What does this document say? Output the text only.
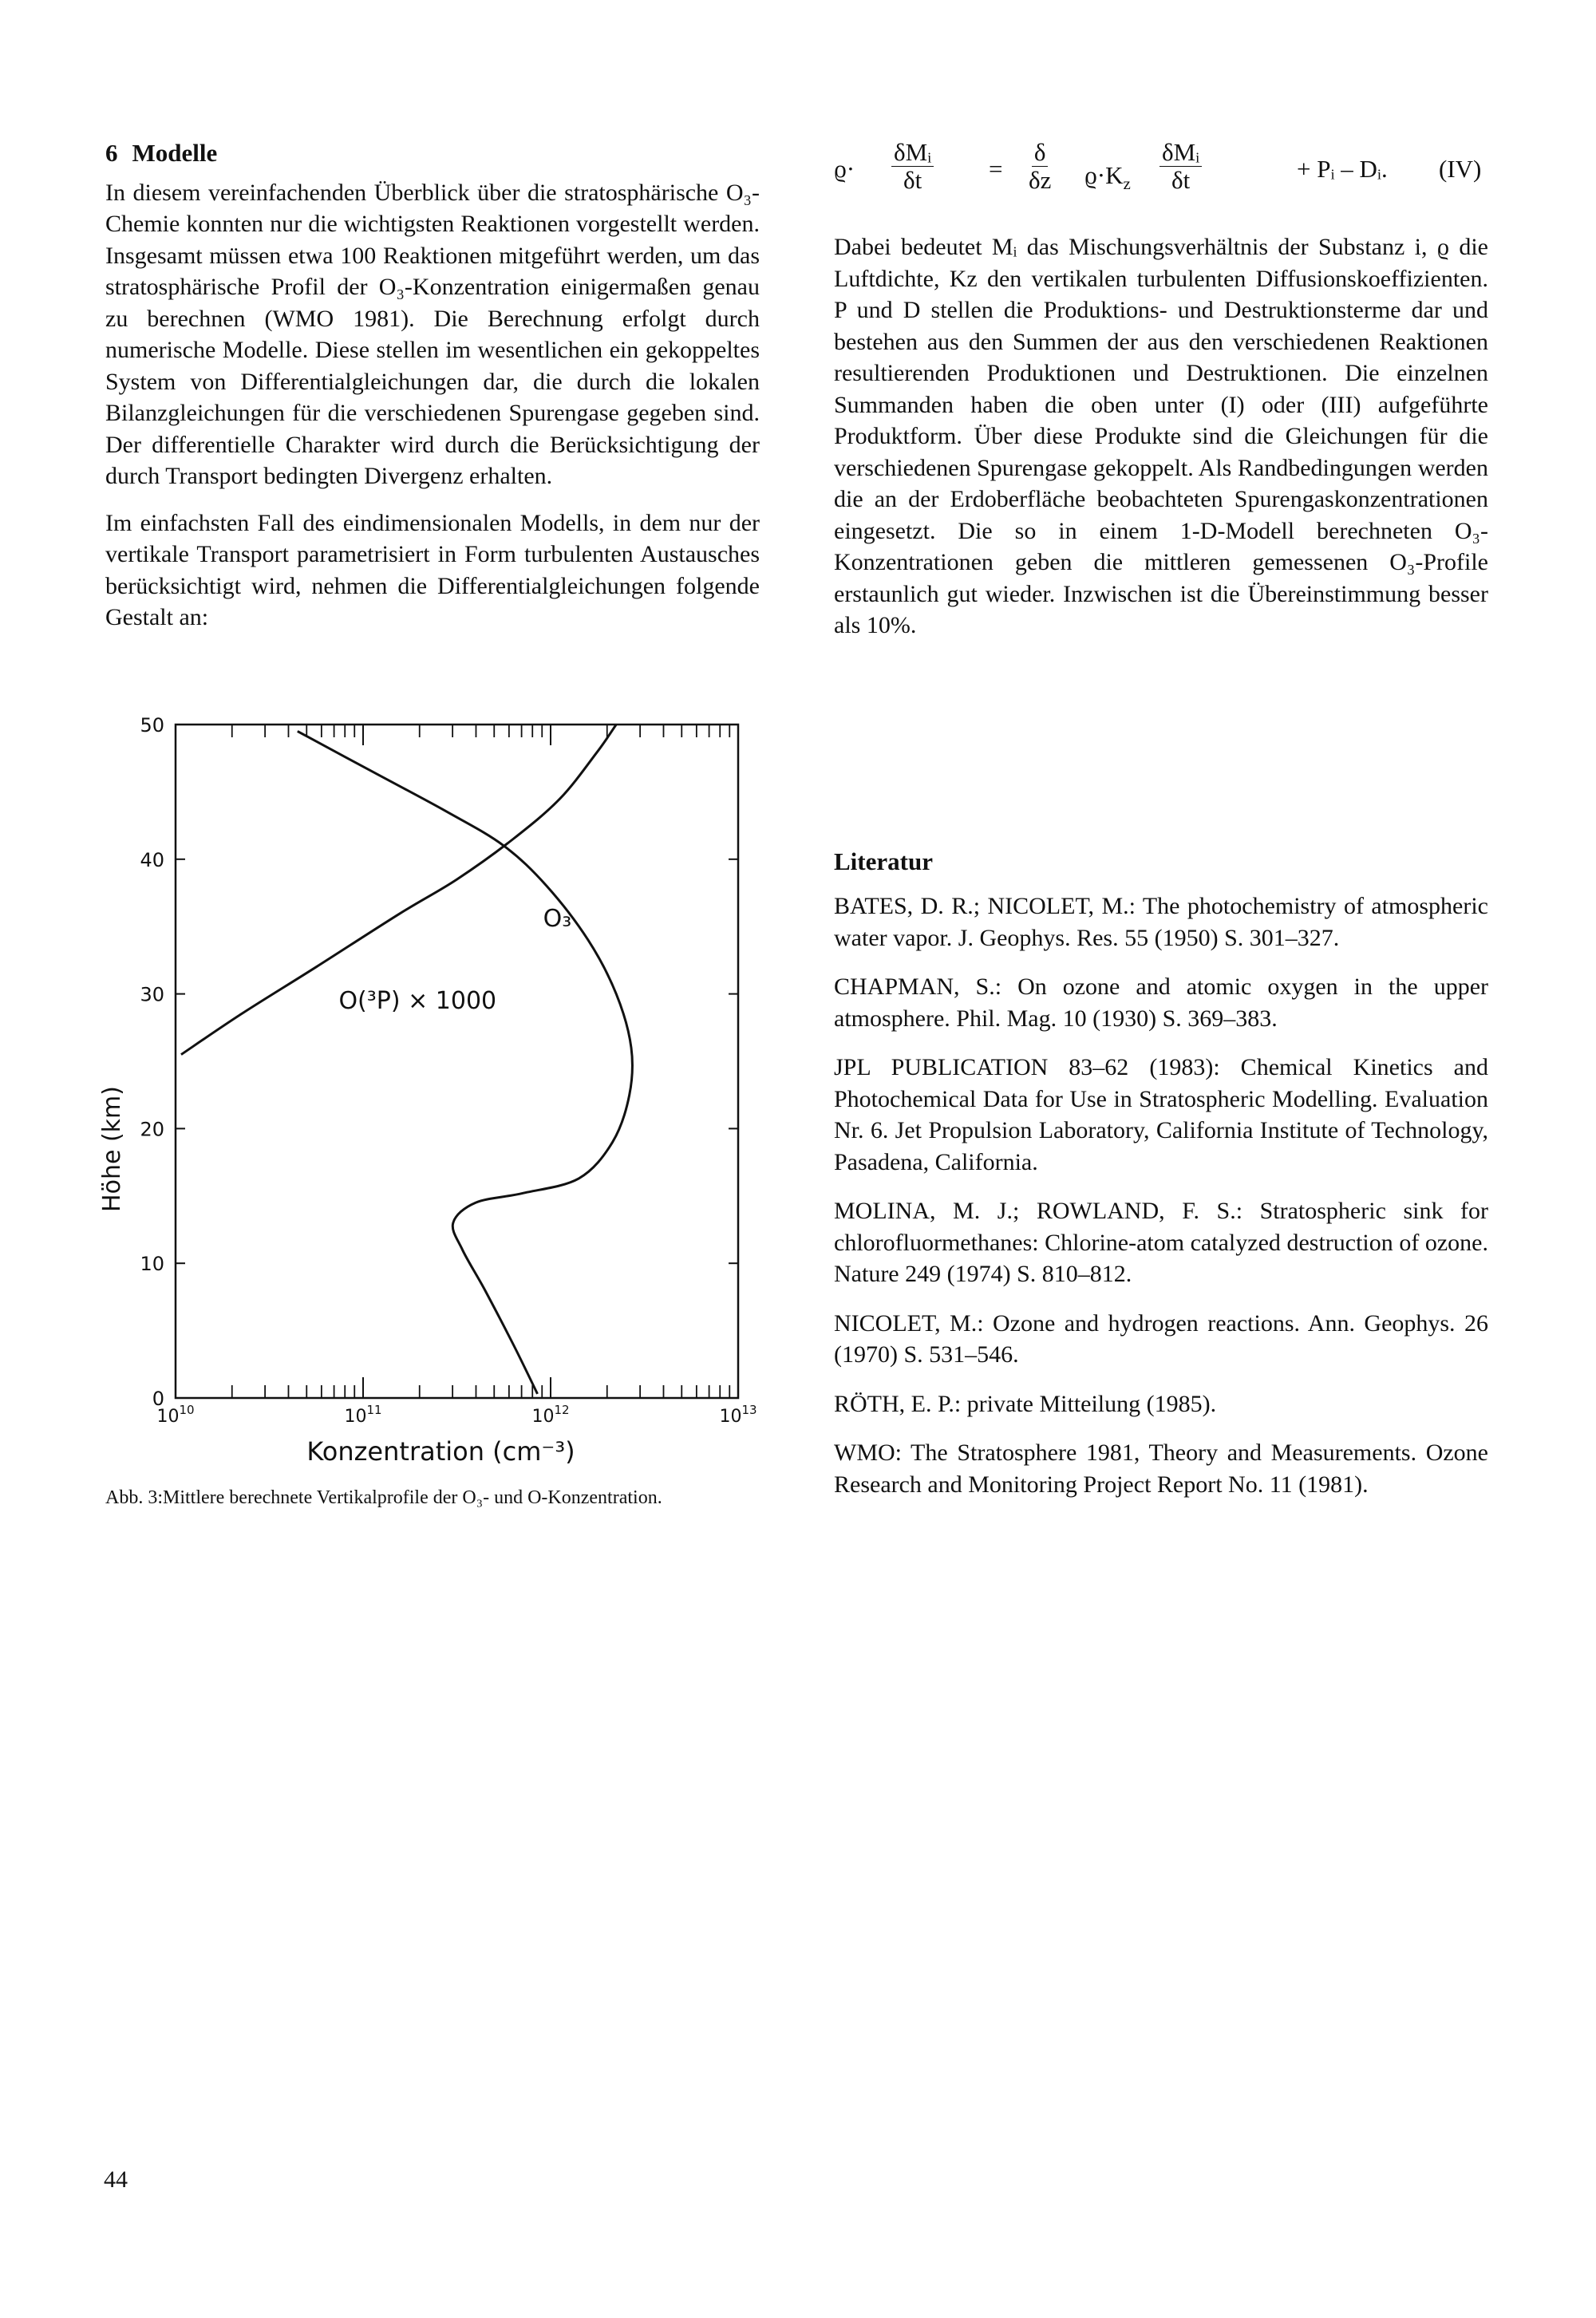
6 Modelle

In diesem vereinfachenden Überblick über die stratosphärische O₃-Chemie konnten nur die wichtigsten Reaktionen vorgestellt werden. Insgesamt müssen etwa 100 Reaktionen mitgeführt werden, um das stratosphärische Profil der O₃-Konzentration einigermaßen genau zu berechnen (WMO 1981). Die Berechnung erfolgt durch numerische Modelle. Diese stellen im wesentlichen ein gekoppeltes System von Differentialgleichungen dar, die durch die lokalen Bilanzgleichungen für die verschiedenen Spurengase gegeben sind. Der differentielle Charakter wird durch die Berücksichtigung der durch Transport bedingten Divergenz erhalten.

Im einfachsten Fall des eindimensionalen Modells, in dem nur der vertikale Transport parametrisiert in Form turbulenten Austausches berücksichtigt wird, nehmen die Differentialgleichungen folgende Gestalt an:

ϱ·
δMᵢ
δt	= $\frac{\delta}{\delta z} ϱ\cdot K_z$
δMᵢ
δt	+ Pᵢ – Dᵢ. (IV)

Dabei bedeutet Mᵢ das Mischungsverhältnis der Substanz i, ϱ die Luftdichte, Kz den vertikalen turbulenten Diffusionskoeffizienten. P und D stellen die Produktions- und Destruktionsterme dar und bestehen aus den Summen der aus den verschiedenen Reaktionen resultierenden Produktionen und Destruktionen. Die einzelnen Summanden haben die oben unter (I) oder (III) aufgeführte Produktform. Über diese Produkte sind die Gleichungen für die verschiedenen Spurengase gekoppelt. Als Randbedingungen werden die an der Erdoberfläche beobachteten Spurengaskonzentrationen eingesetzt. Die so in einem 1-D-Modell berechneten O₃-Konzentrationen geben die mittleren gemessenen O₃-Profile erstaunlich gut wieder. Inzwischen ist die Übereinstimmung besser als 10%.

0
10
20
30
40
50
$10^{10}$	$10^{11}$	$10^{12}$	$10^{13}$
O₃
O(³P) × 1000
Höhe (km)
Konzentration (cm⁻³)
Abb. 3:Mittlere berechnete Vertikalprofile der O₃- und O-Konzentration.
Literatur
BATES, D. R.; NICOLET, M.: The photochemistry of atmospheric water vapor. J. Geophys. Res. 55 (1950) S. 301–327.
CHAPMAN, S.: On ozone and atomic oxygen in the upper atmosphere. Phil. Mag. 10 (1930) S. 369–383.
JPL PUBLICATION 83–62 (1983): Chemical Kinetics and Photochemical Data for Use in Stratospheric Modelling. Evaluation Nr. 6. Jet Propulsion Laboratory, California Institute of Technology, Pasadena, California.
MOLINA, M. J.; ROWLAND, F. S.: Stratospheric sink for chlorofluormethanes: Chlorine-atom catalyzed destruction of ozone. Nature 249 (1974) S. 810–812.
NICOLET, M.: Ozone and hydrogen reactions. Ann. Geophys. 26 (1970) S. 531–546.
RÖTH, E. P.: private Mitteilung (1985).
WMO: The Stratosphere 1981, Theory and Measurements. Ozone Research and Monitoring Project Report No. 11 (1981).
44
